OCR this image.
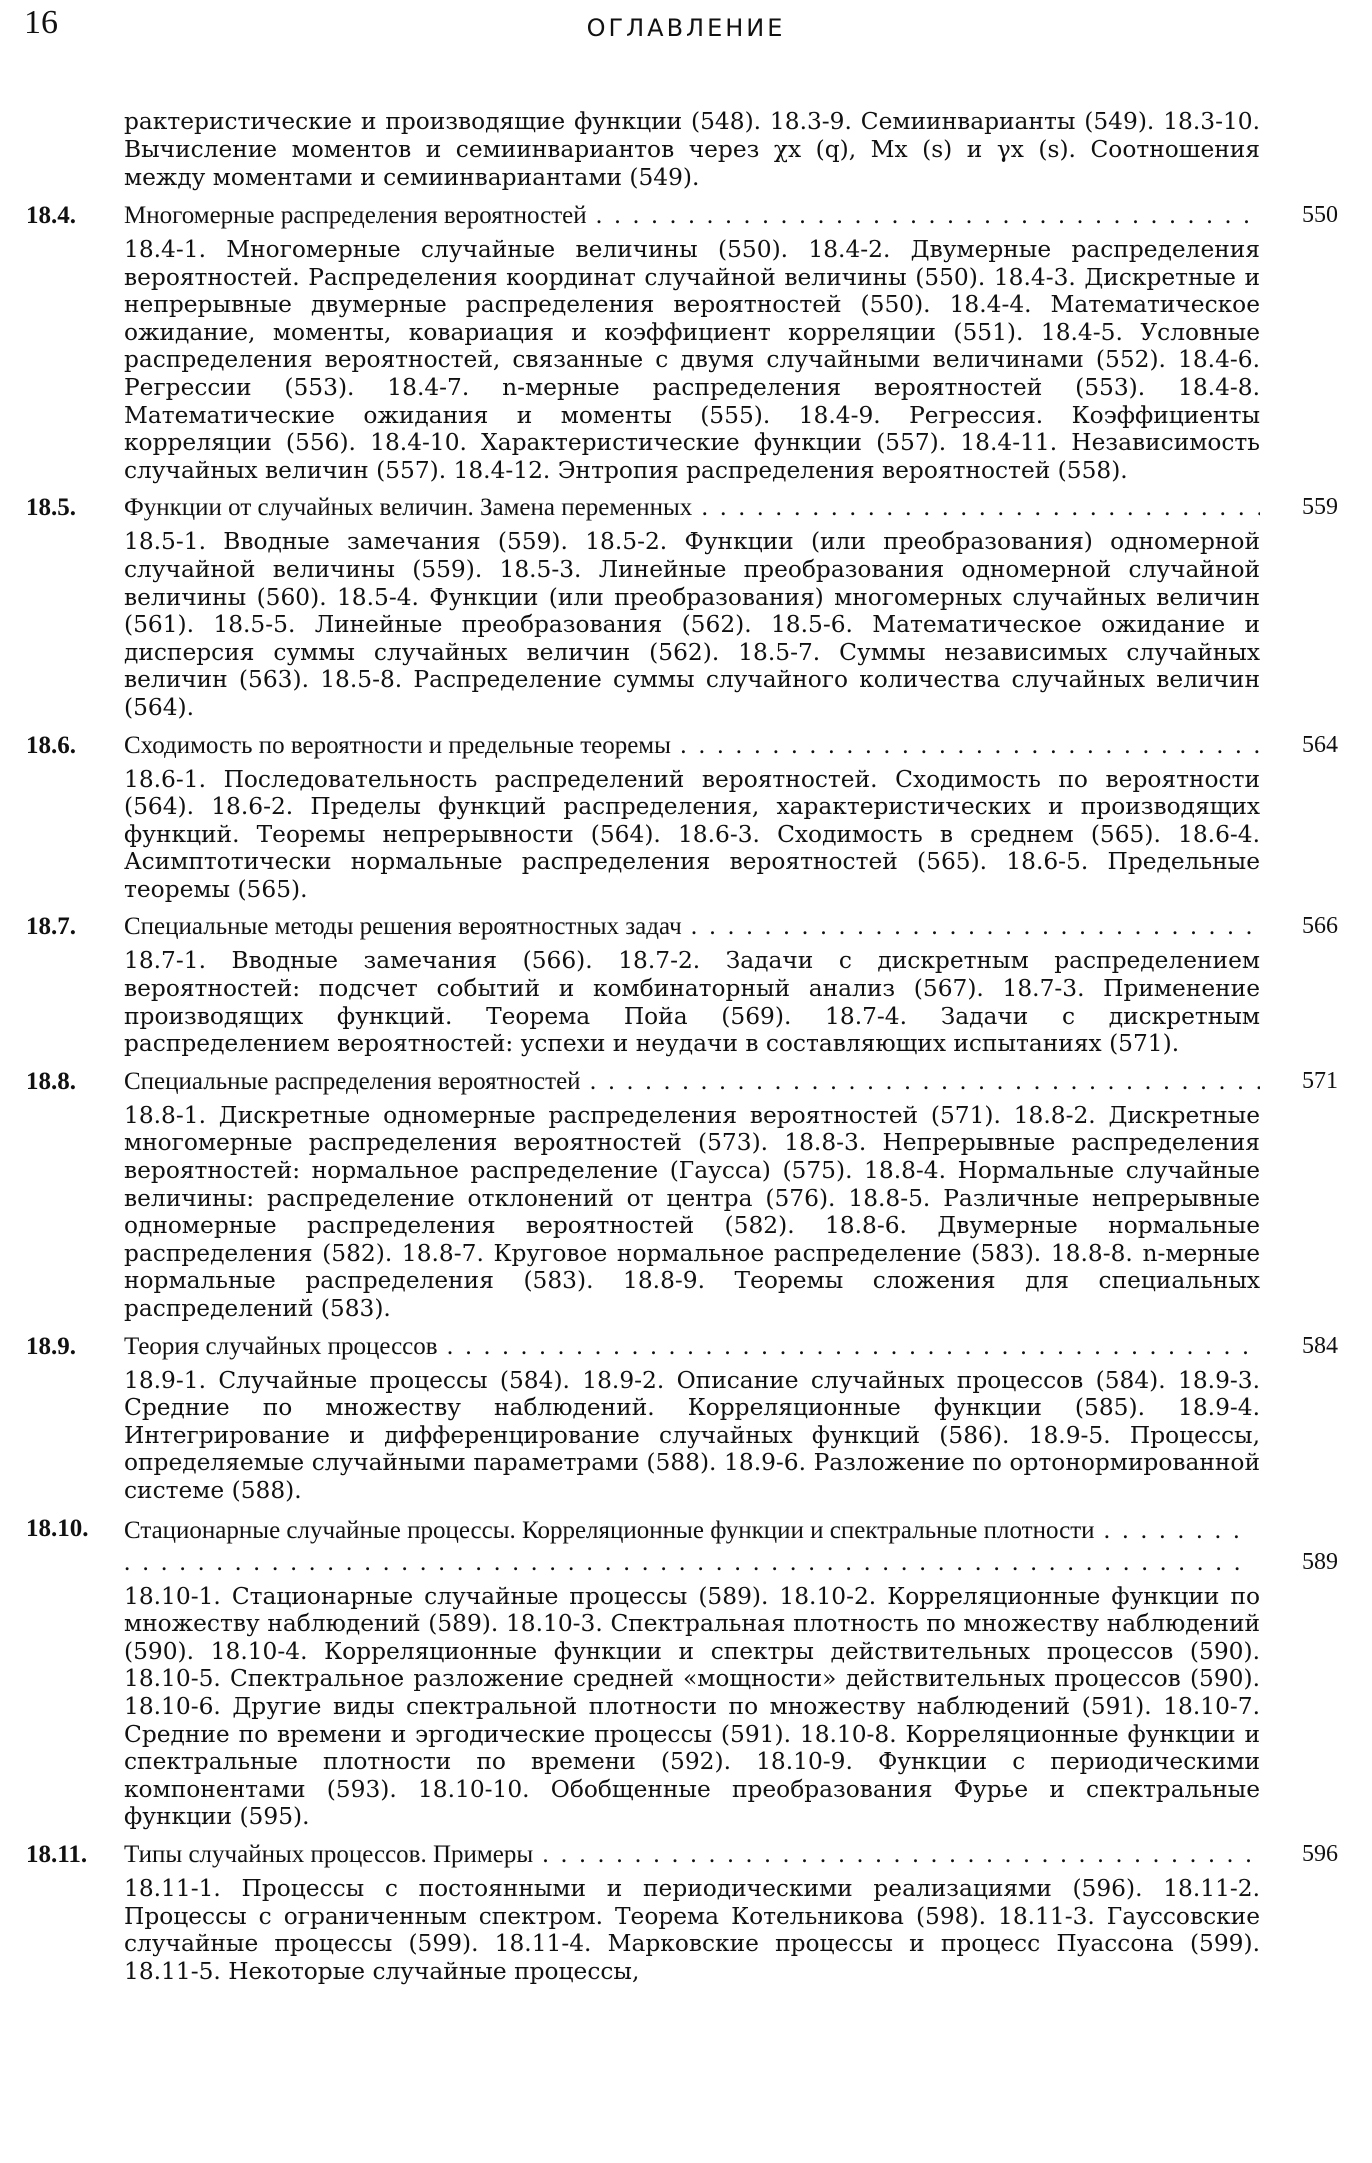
16	ОГЛАВЛЕНИЕ
рактеристические и производящие функции (548). 18.3-9. Семиинварианты (549). 18.3-10. Вычисление моментов и семиинвариантов через χx (q), Mx (s) и γx (s). Соотношения между моментами и семиинвариантами (549).
18.4. Многомерные распределения вероятностей . . .	550
18.4-1. Многомерные случайные величины (550). 18.4-2. Двумерные распределения вероятностей. Распределения координат случайной величины (550). 18.4-3. Дискретные и непрерывные двумерные распределения вероятностей (550). 18.4-4. Математическое ожидание, моменты, ковариация и коэффициент корреляции (551). 18.4-5. Условные распределения вероятностей, связанные с двумя случайными величинами (552). 18.4-6. Регрессии (553). 18.4-7. n-мерные распределения вероятностей (553). 18.4-8. Математические ожидания и моменты (555). 18.4-9. Регрессия. Коэффициенты корреляции (556). 18.4-10. Характеристические функции (557). 18.4-11. Независимость случайных величин (557). 18.4-12. Энтропия распределения вероятностей (558).
18.5. Функции от случайных величин. Замена переменных . . .	559
18.5-1. Вводные замечания (559). 18.5-2. Функции (или преобразования) одномерной случайной величины (559). 18.5-3. Линейные преобразования одномерной случайной величины (560). 18.5-4. Функции (или преобразования) многомерных случайных величин (561). 18.5-5. Линейные преобразования (562). 18.5-6. Математическое ожидание и дисперсия суммы случайных величин (562). 18.5-7. Суммы независимых случайных величин (563). 18.5-8. Распределение суммы случайного количества случайных величин (564).
18.6. Сходимость по вероятности и предельные теоремы . . .	564
18.6-1. Последовательность распределений вероятностей. Сходимость по вероятности (564). 18.6-2. Пределы функций распределения, характеристических и производящих функций. Теоремы непрерывности (564). 18.6-3. Сходимость в среднем (565). 18.6-4. Асимптотически нормальные распределения вероятностей (565). 18.6-5. Предельные теоремы (565).
18.7. Специальные методы решения вероятностных задач . . .	566
18.7-1. Вводные замечания (566). 18.7-2. Задачи с дискретным распределением вероятностей: подсчет событий и комбинаторный анализ (567). 18.7-3. Применение производящих функций. Теорема Пойа (569). 18.7-4. Задачи с дискретным распределением вероятностей: успехи и неудачи в составляющих испытаниях (571).
18.8. Специальные распределения вероятностей . . .	571
18.8-1. Дискретные одномерные распределения вероятностей (571). 18.8-2. Дискретные многомерные распределения вероятностей (573). 18.8-3. Непрерывные распределения вероятностей: нормальное распределение (Гаусса) (575). 18.8-4. Нормальные случайные величины: распределение отклонений от центра (576). 18.8-5. Различные непрерывные одномерные распределения вероятностей (582). 18.8-6. Двумерные нормальные распределения (582). 18.8-7. Круговое нормальное распределение (583). 18.8-8. n-мерные нормальные распределения (583). 18.8-9. Теоремы сложения для специальных распределений (583).
18.9. Теория случайных процессов . . .	584
18.9-1. Случайные процессы (584). 18.9-2. Описание случайных процессов (584). 18.9-3. Средние по множеству наблюдений. Корреляционные функции (585). 18.9-4. Интегрирование и дифференцирование случайных функций (586). 18.9-5. Процессы, определяемые случайными параметрами (588). 18.9-6. Разложение по ортонормированной системе (588).
18.10. Стационарные случайные процессы. Корреляционные функции и спектральные плотности . . .
589
18.10-1. Стационарные случайные процессы (589). 18.10-2. Корреляционные функции по множеству наблюдений (589). 18.10-3. Спектральная плотность по множеству наблюдений (590). 18.10-4. Корреляционные функции и спектры действительных процессов (590). 18.10-5. Спектральное разложение средней «мощности» действительных процессов (590). 18.10-6. Другие виды спектральной плотности по множеству наблюдений (591). 18.10-7. Средние по времени и эргодические процессы (591). 18.10-8. Корреляционные функции и спектральные плотности по времени (592). 18.10-9. Функции с периодическими компонентами (593). 18.10-10. Обобщенные преобразования Фурье и спектральные функции (595).
18.11. Типы случайных процессов. Примеры . . .	596
18.11-1. Процессы с постоянными и периодическими реализациями (596). 18.11-2. Процессы с ограниченным спектром. Теорема Котельникова (598). 18.11-3. Гауссовские случайные процессы (599). 18.11-4. Марковские процессы и процесс Пуассона (599). 18.11-5. Некоторые случайные процессы,
